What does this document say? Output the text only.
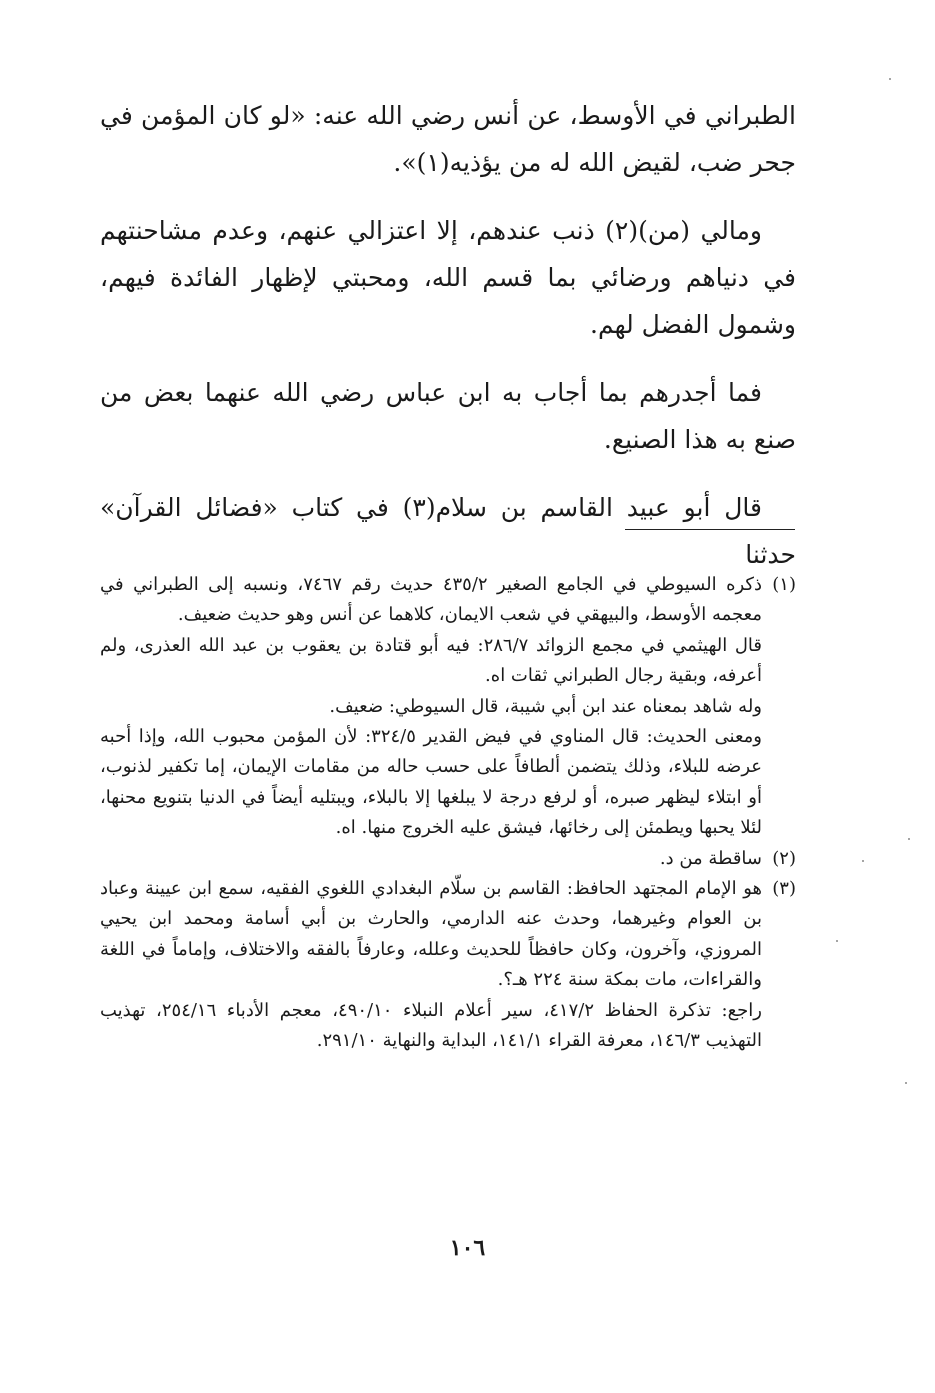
الطبراني في الأوسط، عن أنس رضي الله عنه: «لو كان المؤمن في جحر ضب، لقيض الله له من يؤذيه(١)».

ومالي (من)(٢) ذنب عندهم، إلا اعتزالي عنهم، وعدم مشاحنتهم في دنياهم ورضائي بما قسم الله، ومحبتي لإظهار الفائدة فيهم، وشمول الفضل لهم.

فما أجدرهم بما أجاب به ابن عباس رضي الله عنهما بعض من صنع به هذا الصنيع.

قال أبو عبيد القاسم بن سلام(٣) في كتاب «فضائل القرآن» حدثنا

(١)
ذكره السيوطي في الجامع الصغير ٤٣٥/٢ حديث رقم ٧٤٦٧، ونسبه إلى الطبراني في معجمه الأوسط، والبيهقي في شعب الايمان، كلاهما عن أنس وهو حديث ضعيف.

قال الهيثمي في مجمع الزوائد ٢٨٦/٧: فيه أبو قتادة بن يعقوب بن عبد الله العذرى، ولم أعرفه، وبقية رجال الطبراني ثقات اه.

وله شاهد بمعناه عند ابن أبي شيبة، قال السيوطي: ضعيف.

ومعنى الحديث: قال المناوي في فيض القدير ٣٢٤/٥: لأن المؤمن محبوب الله، وإذا أحبه عرضه للبلاء، وذلك يتضمن ألطافاً على حسب حاله من مقامات الإيمان، إما تكفير لذنوب، أو ابتلاء ليظهر صبره، أو لرفع درجة لا يبلغها إلا بالبلاء، ويبتليه أيضاً في الدنيا بتنويع محنها، لئلا يحبها ويطمئن إلى رخائها، فيشق عليه الخروج منها. اه.

(٢)
ساقطة من د.
(٣)
هو الإمام المجتهد الحافظ: القاسم بن سلّام البغدادي اللغوي الفقيه، سمع ابن عيينة وعباد بن العوام وغيرهما، وحدث عنه الدارمي، والحارث بن أبي أسامة ومحمد ابن يحيي المروزي، وآخرون، وكان حافظاً للحديث وعلله، وعارفاً بالفقه والاختلاف، وإماماً في اللغة والقراءات، مات بمكة سنة ٢٢٤ هـ؟.

راجع: تذكرة الحفاظ ٤١٧/٢، سير أعلام النبلاء ٤٩٠/١٠، معجم الأدباء ٢٥٤/١٦، تهذيب التهذيب ١٤٦/٣، معرفة القراء ١٤١/١، البداية والنهاية ٢٩١/١٠.

١٠٦
